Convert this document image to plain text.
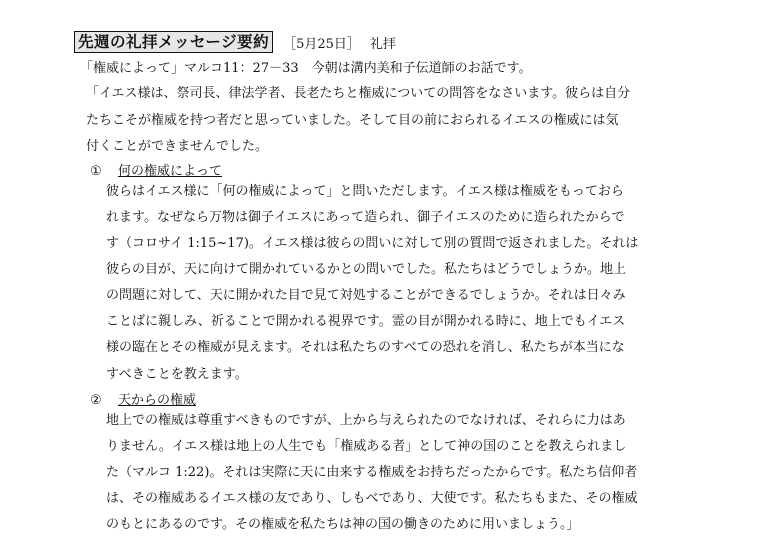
先週の礼拝メッセージ要約	［5月25日］ 礼拝
「権威によって」マルコ11：27－33　今朝は溝内美和子伝道師のお話です。
「イエス様は、祭司長、律法学者、長老たちと権威についての問答をなさいます。彼らは自分
たちこそが権威を持つ者だと思っていました。そして目の前におられるイエスの権威には気
付くことができませんでした。
① 何の権威によって
彼らはイエス様に「何の権威によって」と問いただします。イエス様は権威をもっておら
れます。なぜなら万物は御子イエスにあって造られ、御子イエスのために造られたからで
す（コロサイ 1:15~17)。イエス様は彼らの問いに対して別の質問で返されました。それは
彼らの目が、天に向けて開かれているかとの問いでした。私たちはどうでしょうか。地上
の問題に対して、天に開かれた目で見て対処することができるでしょうか。それは日々み
ことばに親しみ、祈ることで開かれる視界です。霊の目が開かれる時に、地上でもイエス
様の臨在とその権威が見えます。それは私たちのすべての恐れを消し、私たちが本当にな
すべきことを教えます。
② 天からの権威
地上での権威は尊重すべきものですが、上から与えられたのでなければ、それらに力はあ
りません。イエス様は地上の人生でも「権威ある者」として神の国のことを教えられまし
た（マルコ 1:22)。それは実際に天に由来する権威をお持ちだったからです。私たち信仰者
は、その権威あるイエス様の友であり、しもべであり、大使です。私たちもまた、その権威
のもとにあるのです。その権威を私たちは神の国の働きのために用いましょう。」
